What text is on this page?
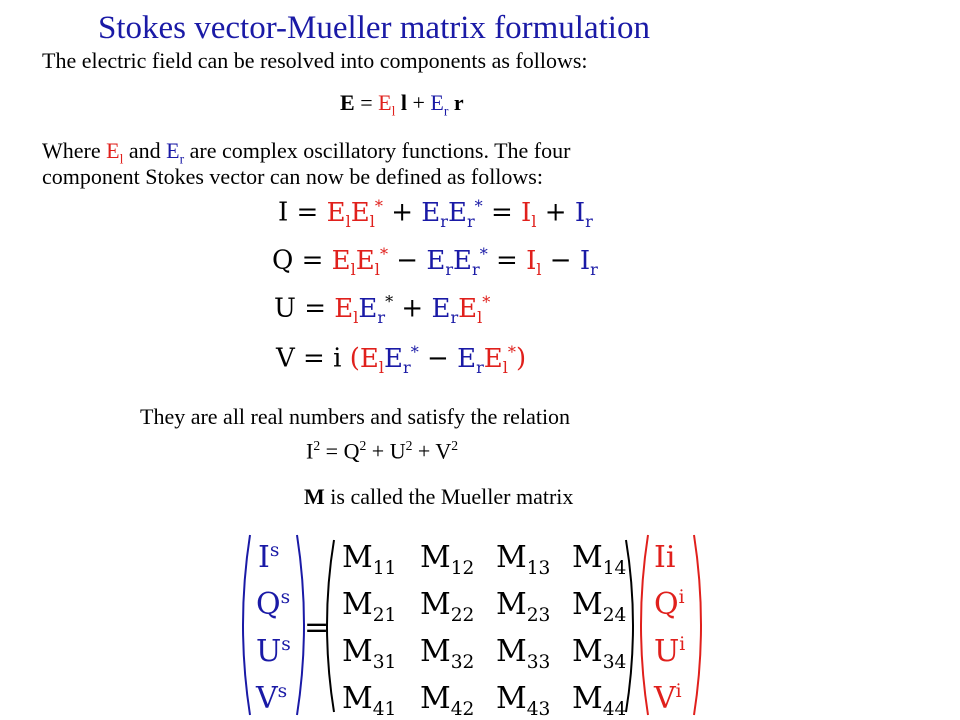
Stokes vector-Mueller matrix formulation
The electric field can be resolved into components as follows:
$E = E_l$ $l + E_r$ r
Where $E_l$ and $E_r$ are complex oscillatory functions. The four
component Stokes vector can now be defined as follows:
$I = E_lE_l^* + E_rE_r^* = I_l + I_r$
$Q = E_lE_l^* - E_rE_r^* = I_l - I_r$
$U = E_lE_r^* + E_rE_l^*$
V = i $(E_lE_r^* - E_rE_l^*)$
They are all real numbers and satisfy the relation
$I^2 = Q^2 + U^2 + V^2$
M is called the Mueller matrix
$I^s$
$Q^s$
$U^s$
$V^s$
=
$M_{11}$ $M_{12}$ $M_{13}$ $M_{14}$
$M_{21}$ $M_{22}$ $M_{23}$ $M_{24}$
$M_{31}$ $M_{32}$ $M_{33}$ $M_{34}$
$M_{41}$ $M_{42}$ $M_{43}$ $M_{44}$
Ii
$Q^i$
$U^i$
$V^i$
